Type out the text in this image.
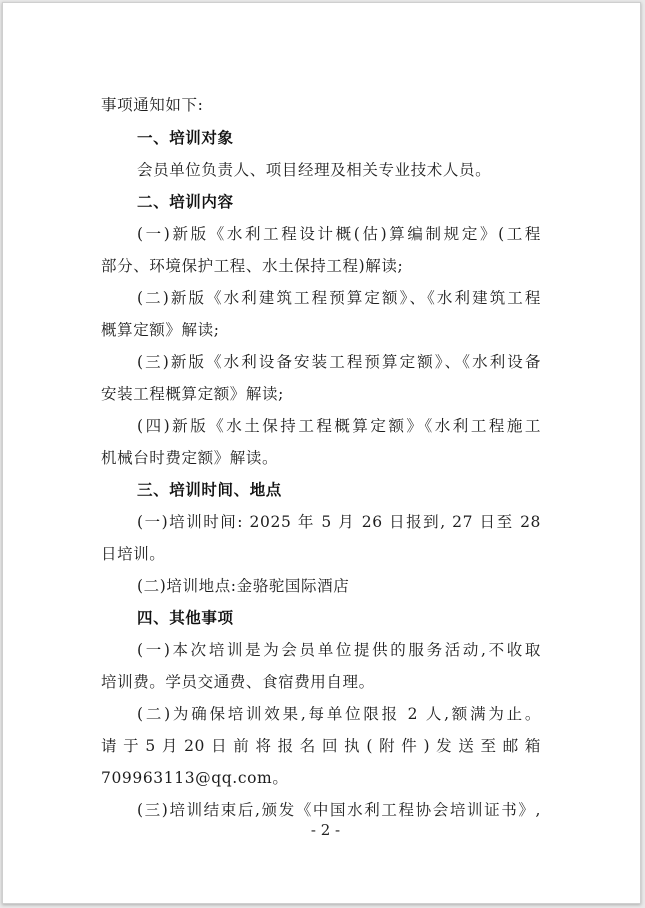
事项通知如下:
一、培训对象
会员单位负责人、项目经理及相关专业技术人员。
二、培训内容
(一)新版《水利工程设计概(估)算编制规定》(工程
部分、环境保护工程、水土保持工程)解读;
(二)新版《水利建筑工程预算定额》、《水利建筑工程
概算定额》解读;
(三)新版《水利设备安装工程预算定额》、《水利设备
安装工程概算定额》解读;
(四)新版《水土保持工程概算定额》《水利工程施工
机械台时费定额》解读。
三、培训时间、地点
(一)培训时间: 2025 年 5 月 26 日报到, 27 日至 28
日培训。
(二)培训地点:金骆驼国际酒店
四、其他事项
(一)本次培训是为会员单位提供的服务活动,不收取
培训费。学员交通费、食宿费用自理。
(二)为确保培训效果,每单位限报 2 人,额满为止。
请于5月20日前将报名回执(附件)发送至邮箱
709963113@qq.com。
(三)培训结束后,颁发《中国水利工程协会培训证书》,
- 2 -
